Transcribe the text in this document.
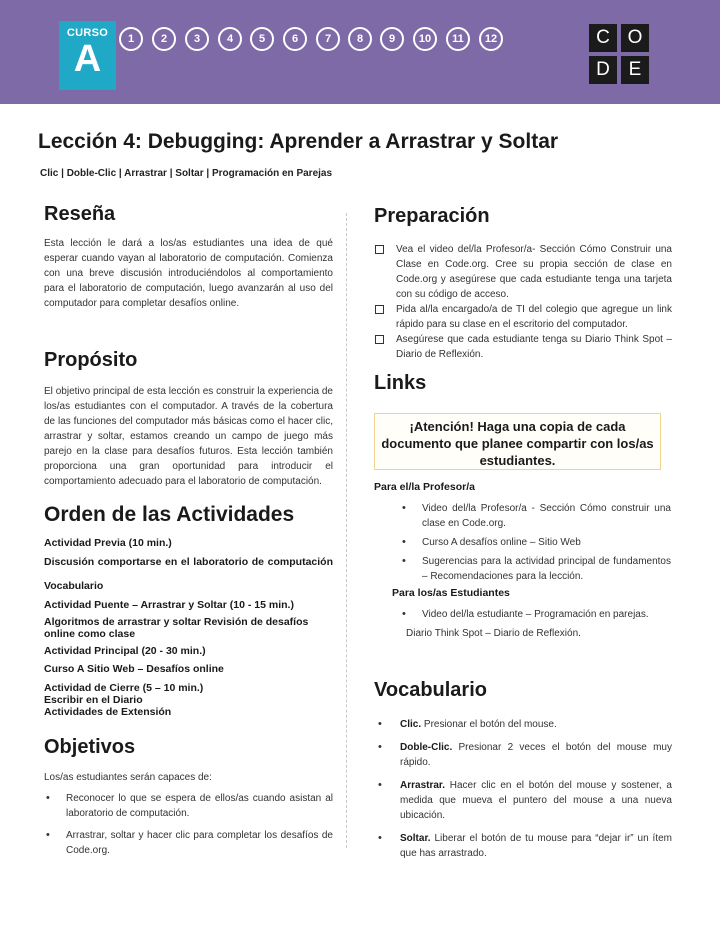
CURSO
A	1	2	3	4	5	6	7	8	9	10	11	12	C O
D E
Lección 4: Debugging: Aprender a Arrastrar y Soltar
Clic | Doble-Clic | Arrastrar | Soltar | Programación en Parejas
Reseña
Esta lección le dará a los/as estudiantes una idea de qué esperar cuando vayan al laboratorio de computación. Comienza con una breve discusión introduciéndolos al comportamiento para el laboratorio de computación, luego avanzarán al uso del computador para completar desafíos online.
Propósito
El objetivo principal de esta lección es construir la experiencia de los/as estudiantes con el computador. A través de la cobertura de las funciones del computador más básicas como el hacer clic, arrastrar y soltar, estamos creando un campo de juego más parejo en la clase para desafíos futuros. Esta lección también proporciona una gran oportunidad para introducir el comportamiento adecuado para el laboratorio de computación.
Orden de las Actividades
Actividad Previa (10 min.)
Discusión comportarse en el laboratorio de computación
Vocabulario
Actividad Puente – Arrastrar y Soltar (10 - 15 min.)
Algoritmos de arrastrar y soltar Revisión de desafíos online como clase
Actividad Principal (20 - 30 min.)
Curso A Sitio Web – Desafíos online
Actividad de Cierre (5 – 10 min.)
Escribir en el Diario
Actividades de Extensión
Objetivos
Los/as estudiantes serán capaces de:
• Reconocer lo que se espera de ellos/as cuando asistan al laboratorio de computación.
• Arrastrar, soltar y hacer clic para completar los desafíos de Code.org.
Preparación
Vea el video del/la Profesor/a- Sección Cómo Construir una Clase en Code.org. Cree su propia sección de clase en Code.org y asegúrese que cada estudiante tenga una tarjeta con su código de acceso.
Pida al/la encargado/a de TI del colegio que agregue un link rápido para su clase en el escritorio del computador.
Asegúrese que cada estudiante tenga su Diario Think Spot – Diario de Reflexión.
Links
¡Atención! Haga una copia de cada documento que planee compartir con los/as estudiantes.
Para el/la Profesor/a
• Video del/la Profesor/a - Sección Cómo construir una clase en Code.org.
• Curso A desafíos online – Sitio Web
• Sugerencias para la actividad principal de fundamentos – Recomendaciones para la lección.
Para los/as Estudiantes
• Video del/la estudiante – Programación en parejas.
Diario Think Spot – Diario de Reflexión.
Vocabulario
• Clic. Presionar el botón del mouse.
• Doble-Clic. Presionar 2 veces el botón del mouse muy rápido.
• Arrastrar. Hacer clic en el botón del mouse y sostener, a medida que mueva el puntero del mouse a una nueva ubicación.
• Soltar. Liberar el botón de tu mouse para “dejar ir” un ítem que has arrastrado.
